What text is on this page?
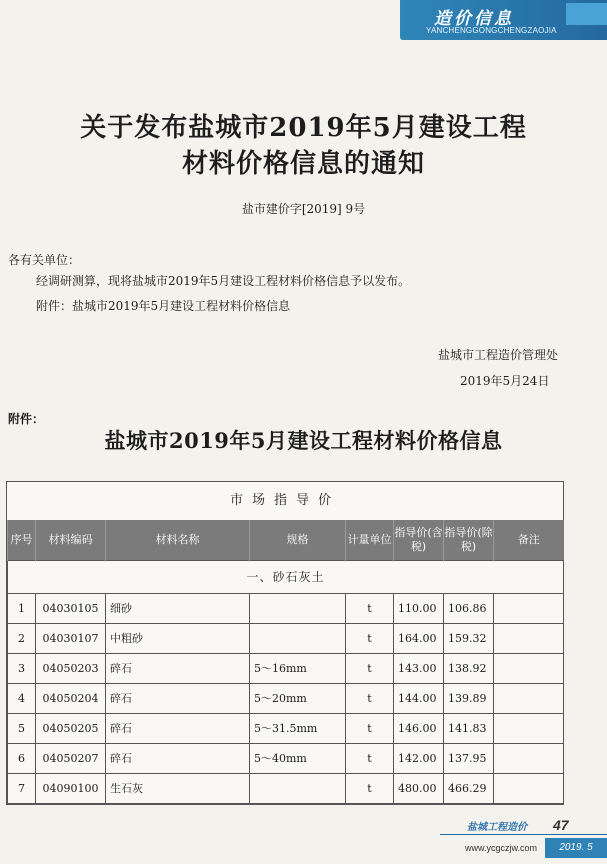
造价信息
YANCHENGGONGCHENGZAOJIA
关于发布盐城市2019年5月建设工程
材料价格信息的通知
盐市建价字[2019] 9号
各有关单位：
经调研测算，现将盐城市2019年5月建设工程材料价格信息予以发布。
附件：盐城市2019年5月建设工程材料价格信息
盐城市工程造价管理处
2019年5月24日
附件：
盐城市2019年5月建设工程材料价格信息
市场指导价
序号	材料编码	材料名称	规格	计量单位	指导价(含税)	指导价(除税)	备注
一、砂石灰土							
1	04030105	细砂		t	110.00	106.86	
2	04030107	中粗砂		t	164.00	159.32	
3	04050203	碎石	5～16mm	t	143.00	138.92	
4	04050204	碎石	5～20mm	t	144.00	139.89	
5	04050205	碎石	5～31.5mm	t	146.00	141.83	
6	04050207	碎石	5～40mm	t	142.00	137.95	
7	04090100	生石灰		t	480.00	466.29	
盐城工程造价 47
www.ycgczjw.com	2019. 5
